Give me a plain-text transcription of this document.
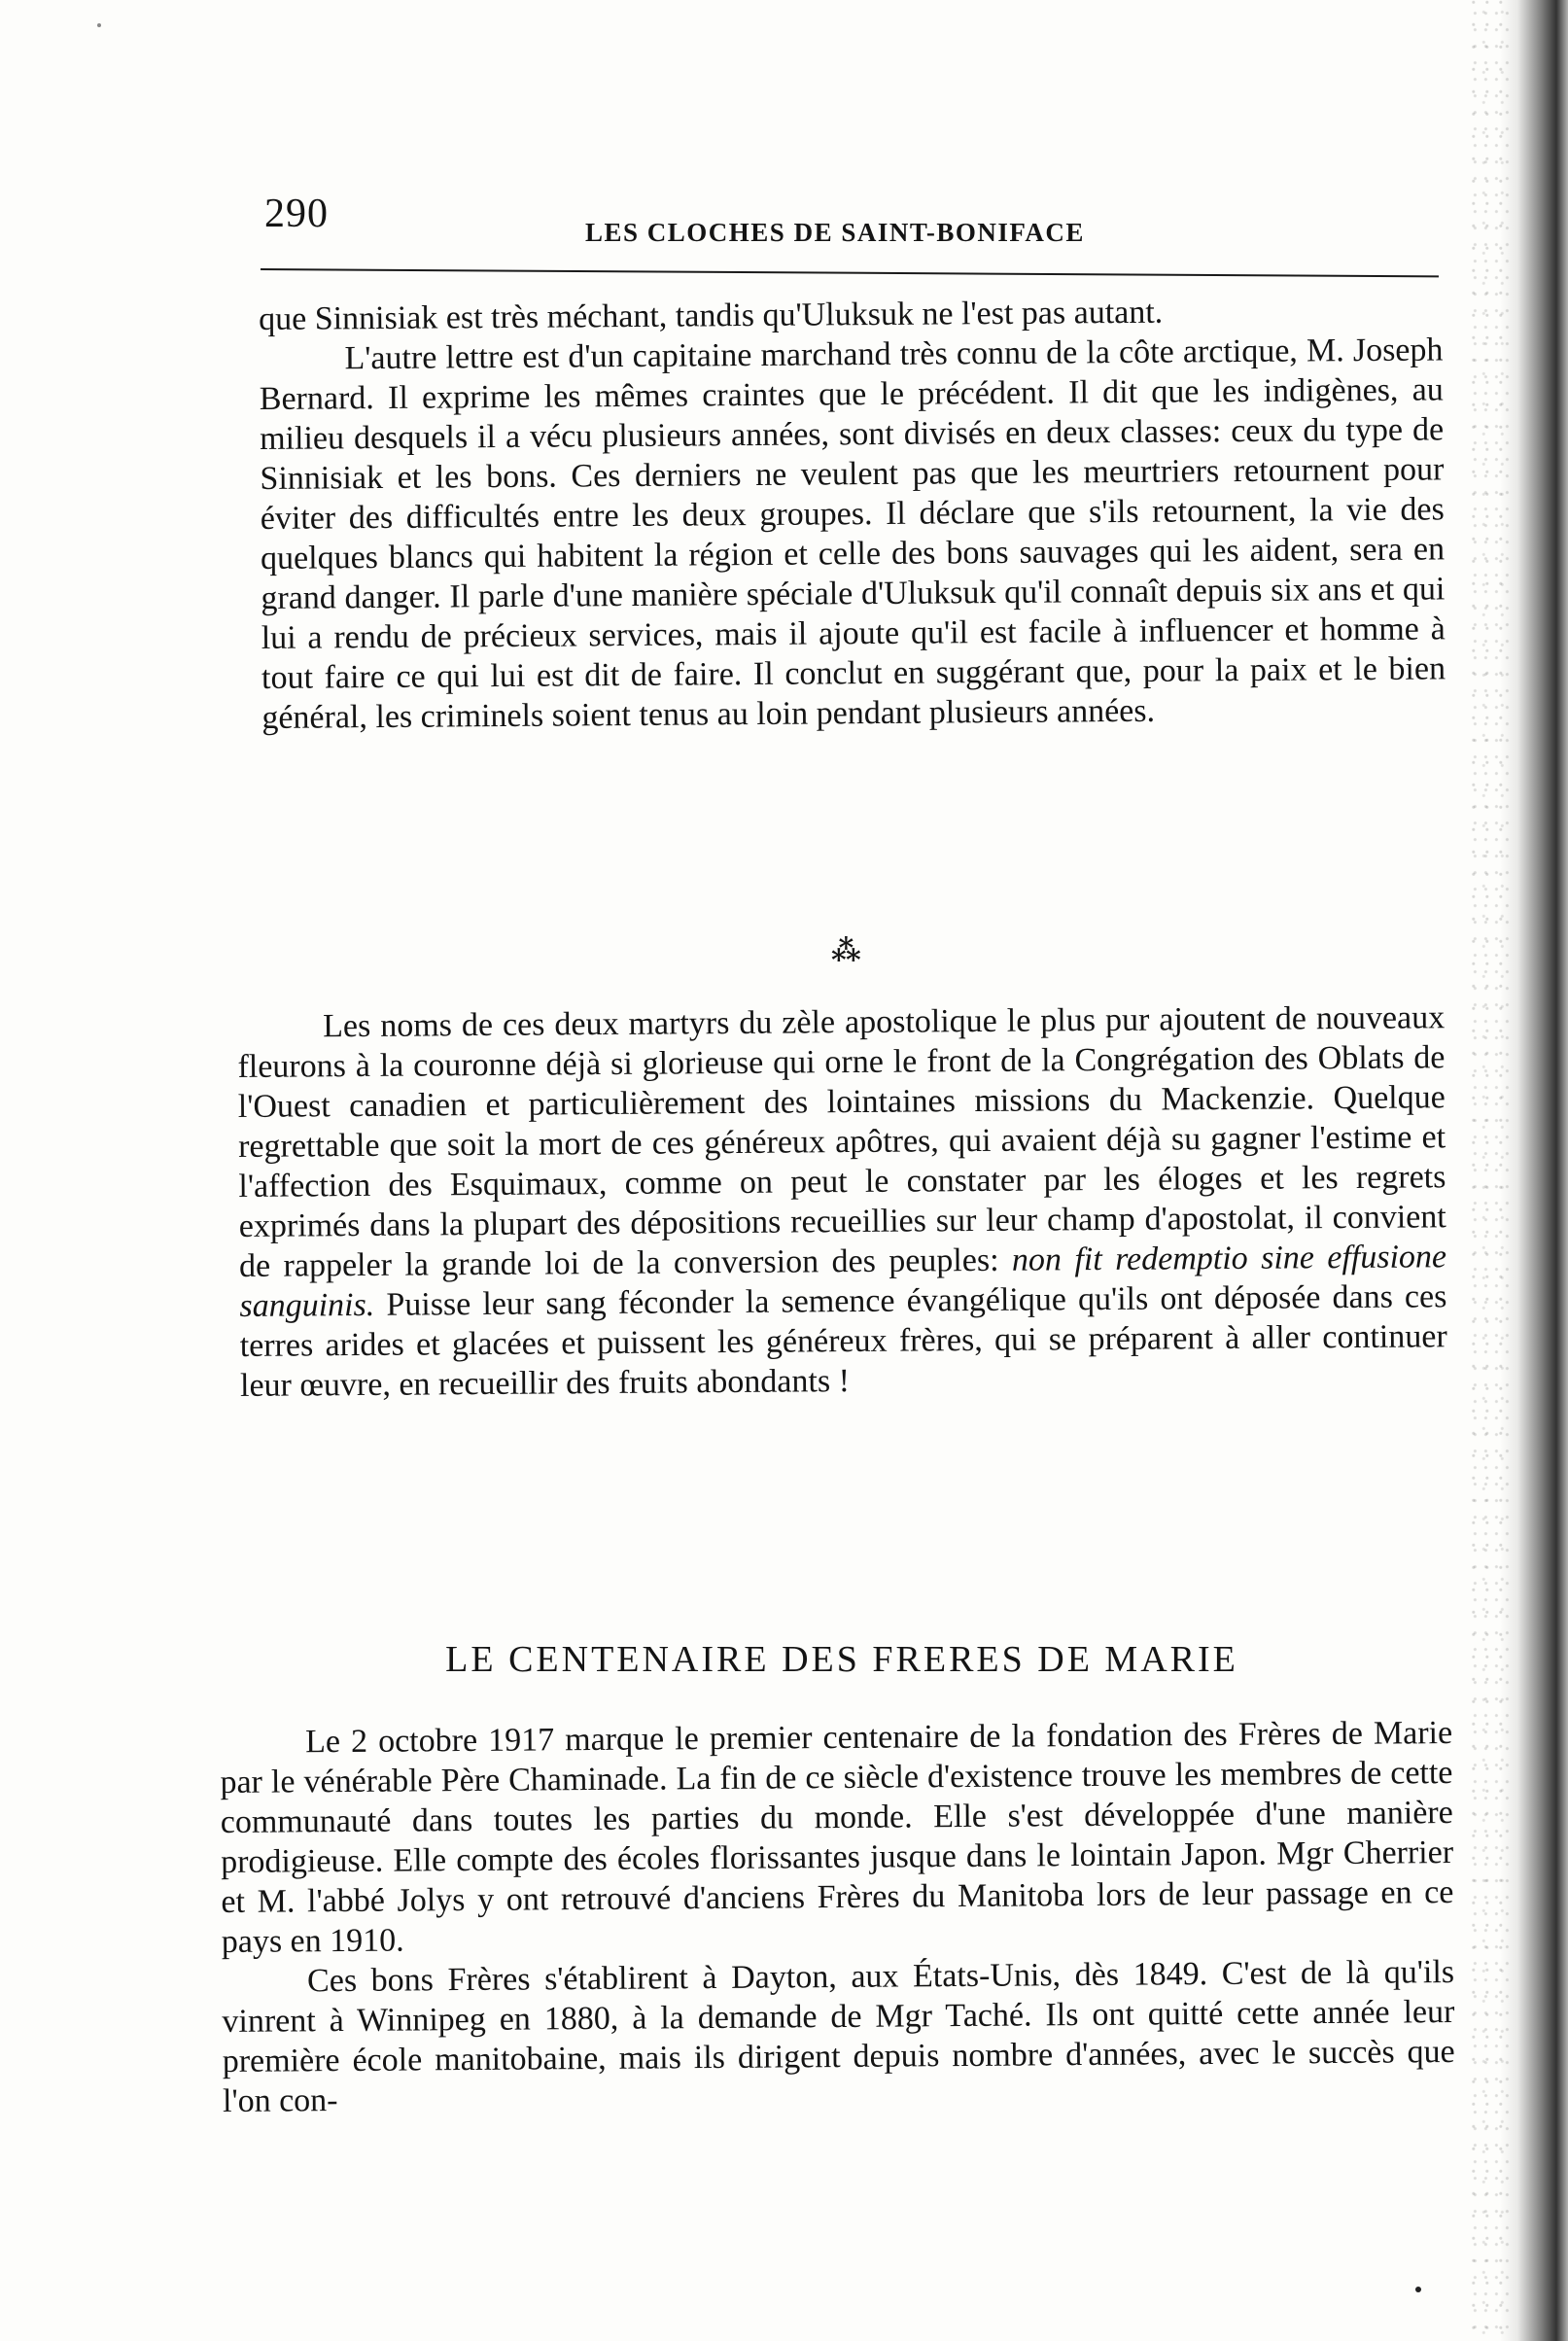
290	LES CLOCHES DE SAINT-BONIFACE

que Sinnisiak est très méchant, tandis qu'Uluksuk ne l'est pas autant.

L'autre lettre est d'un capitaine marchand très connu de la côte arctique, M. Joseph Bernard. Il exprime les mêmes craintes que le précédent. Il dit que les indigènes, au milieu desquels il a vécu plusieurs années, sont divisés en deux classes: ceux du type de Sinnisiak et les bons. Ces derniers ne veulent pas que les meurtriers retournent pour éviter des difficultés entre les deux groupes. Il déclare que s'ils retournent, la vie des quelques blancs qui habitent la région et celle des bons sauvages qui les aident, sera en grand danger. Il parle d'une manière spéciale d'Uluksuk qu'il connaît depuis six ans et qui lui a rendu de précieux services, mais il ajoute qu'il est facile à influencer et homme à tout faire ce qui lui est dit de faire. Il conclut en suggérant que, pour la paix et le bien général, les criminels soient tenus au loin pendant plusieurs années.

⁂

Les noms de ces deux martyrs du zèle apostolique le plus pur ajoutent de nouveaux fleurons à la couronne déjà si glorieuse qui orne le front de la Congrégation des Oblats de l'Ouest canadien et particulièrement des lointaines missions du Mackenzie. Quelque regrettable que soit la mort de ces généreux apôtres, qui avaient déjà su gagner l'estime et l'affection des Esquimaux, comme on peut le constater par les éloges et les regrets exprimés dans la plupart des dépositions recueillies sur leur champ d'apostolat, il convient de rappeler la grande loi de la conversion des peuples: non fit redemptio sine effusione sanguinis. Puisse leur sang féconder la semence évangélique qu'ils ont déposée dans ces terres arides et glacées et puissent les généreux frères, qui se préparent à aller continuer leur œuvre, en recueillir des fruits abondants !

LE CENTENAIRE DES FRERES DE MARIE

Le 2 octobre 1917 marque le premier centenaire de la fondation des Frères de Marie par le vénérable Père Chaminade. La fin de ce siècle d'existence trouve les membres de cette communauté dans toutes les parties du monde. Elle s'est développée d'une manière prodigieuse. Elle compte des écoles florissantes jusque dans le lointain Japon. Mgr Cherrier et M. l'abbé Jolys y ont retrouvé d'anciens Frères du Manitoba lors de leur passage en ce pays en 1910.

Ces bons Frères s'établirent à Dayton, aux États-Unis, dès 1849. C'est de là qu'ils vinrent à Winnipeg en 1880, à la demande de Mgr Taché. Ils ont quitté cette année leur première école manitobaine, mais ils dirigent depuis nombre d'années, avec le succès que l'on con-
